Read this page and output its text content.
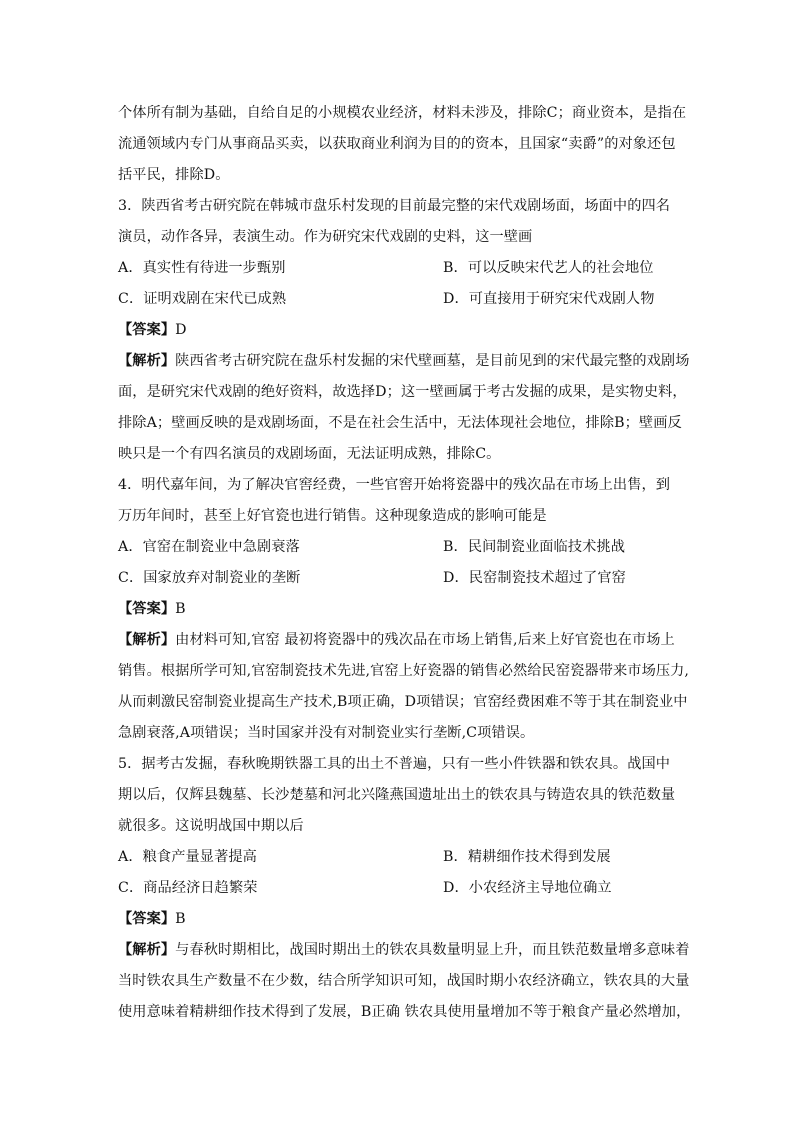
个体所有制为基础，自给自足的小规模农业经济，材料未涉及，排除C；商业资本，是指在
流通领域内专门从事商品买卖，以获取商业利润为目的的资本，且国家“卖爵”的对象还包
括平民，排除D。
3．陕西省考古研究院在韩城市盘乐村发现的目前最完整的宋代戏剧场面，场面中的四名
演员，动作各异，表演生动。作为研究宋代戏剧的史料，这一壁画
A．真实性有待进一步甄别	B．可以反映宋代艺人的社会地位
C．证明戏剧在宋代已成熟	D．可直接用于研究宋代戏剧人物
【答案】D
【解析】陕西省考古研究院在盘乐村发掘的宋代壁画墓，是目前见到的宋代最完整的戏剧场
面，是研究宋代戏剧的绝好资料，故选择D；这一壁画属于考古发掘的成果，是实物史料，
排除A；壁画反映的是戏剧场面，不是在社会生活中，无法体现社会地位，排除B；壁画反
映只是一个有四名演员的戏剧场面，无法证明成熟，排除C。
4．明代嘉年间，为了解决官窖经费，一些官窖开始将瓷器中的残次品在市场上出售，到
万历年间时，甚至上好官瓷也进行销售。这种现象造成的影响可能是
A．官窑在制瓷业中急剧衰落	B．民间制瓷业面临技术挑战
C．国家放弃对制瓷业的垄断	D．民窑制瓷技术超过了官窑
【答案】B
【解析】由材料可知,官窑 最初将瓷器中的残次品在市场上销售,后来上好官瓷也在市场上
销售。根据所学可知,官窑制瓷技术先进,官窑上好瓷器的销售必然给民窑瓷器带来市场压力,
从而刺激民窑制瓷业提高生产技术,B项正确，D项错误；官窑经费困难不等于其在制瓷业中
急剧衰落,A项错误；当时国家并没有对制瓷业实行垄断,C项错误。
5．据考古发掘，春秋晚期铁器工具的出土不普遍，只有一些小件铁器和铁农具。战国中
期以后，仅辉县魏墓、长沙楚墓和河北兴隆燕国遗址出土的铁农具与铸造农具的铁范数量
就很多。这说明战国中期以后
A．粮食产量显著提高	B．精耕细作技术得到发展
C．商品经济日趋繁荣	D．小农经济主导地位确立
【答案】B
【解析】与春秋时期相比，战国时期出土的铁农具数量明显上升，而且铁范数量增多意味着
当时铁农具生产数量不在少数，结合所学知识可知，战国时期小农经济确立，铁农具的大量
使用意味着精耕细作技术得到了发展，B正确 铁农具使用量增加不等于粮食产量必然增加，
